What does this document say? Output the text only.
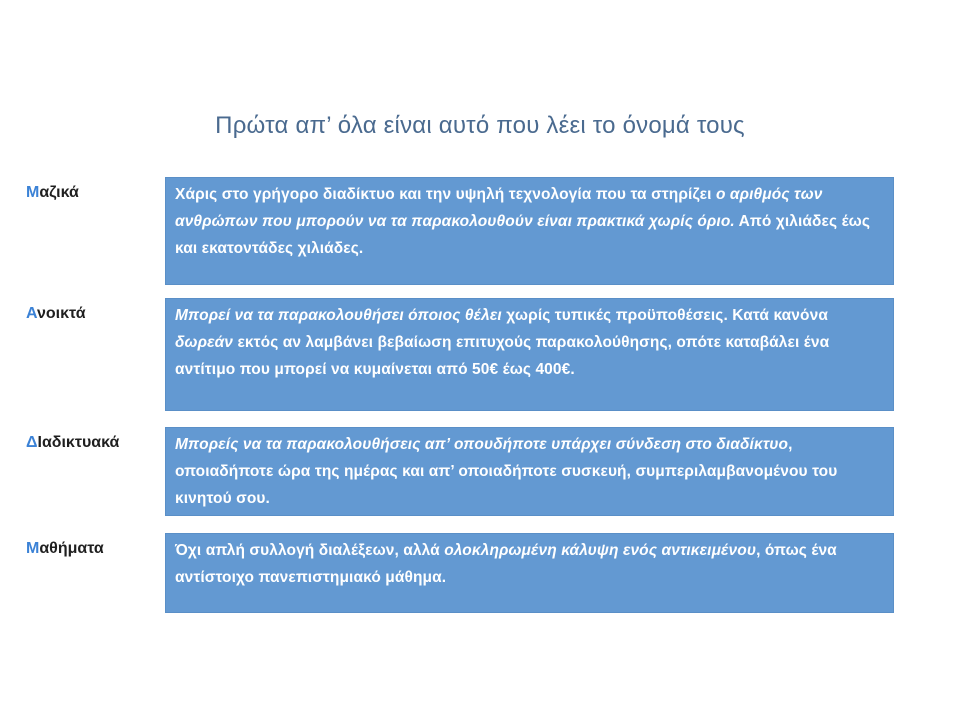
Πρώτα απ’ όλα είναι αυτό που λέει το όνομά τους
Μαζικά	Χάρις στο γρήγορο διαδίκτυο και την υψηλή τεχνολογία που τα στηρίζει ο αριθμός των ανθρώπων που μπορούν να τα παρακολουθούν είναι πρακτικά χωρίς όριο. Από χιλιάδες έως και εκατοντάδες χιλιάδες.
Ανοικτά	Μπορεί να τα παρακολουθήσει όποιος θέλει χωρίς τυπικές προϋποθέσεις. Κατά κανόνα δωρεάν εκτός αν λαμβάνει βεβαίωση επιτυχούς παρακολούθησης, οπότε καταβάλει ένα αντίτιμο που μπορεί να κυμαίνεται από 50€ έως 400€.
ΔΙαδικτυακά	Μπορείς να τα παρακολουθήσεις απ’ οπουδήποτε υπάρχει σύνδεση στο διαδίκτυο, οποιαδήποτε ώρα της ημέρας και απ’ οποιαδήποτε συσκευή, συμπεριλαμβανομένου του κινητού σου.
Μαθήματα	Όχι απλή συλλογή διαλέξεων, αλλά ολοκληρωμένη κάλυψη ενός αντικειμένου, όπως ένα αντίστοιχο πανεπιστημιακό μάθημα.
